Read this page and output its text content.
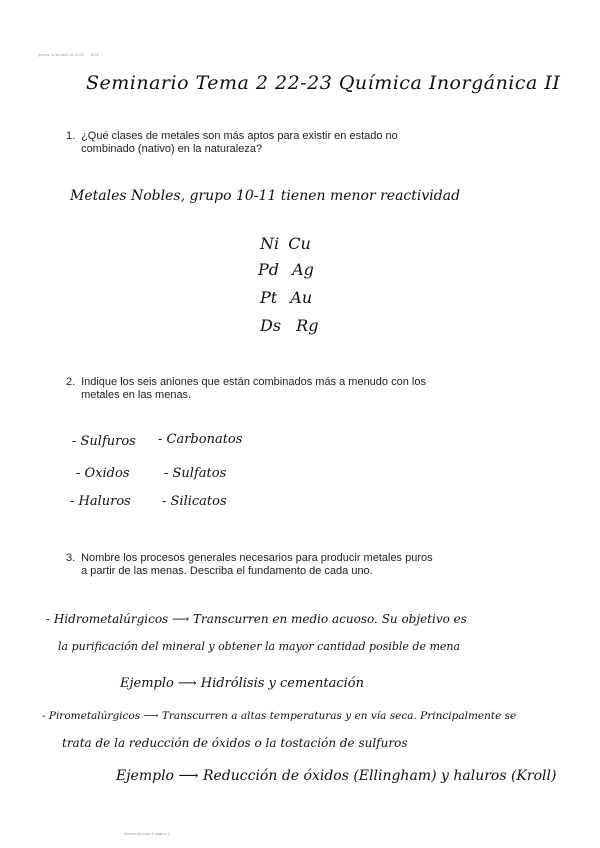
jueves, 6 de abril de 2023 8:28
Seminario Tema 2 22-23 Química Inorgánica II
1. ¿Qué clases de metales son más aptos para existir en estado no
combinado (nativo) en la naturaleza?
Metales Nobles, grupo 10-11 tienen menor reactividad
Ni Cu
Pd Ag
Pt Au
Ds Rg
2. Indique los seis aniones que están combinados más a menudo con los
metales en las menas.
- Sulfuros
- Oxidos
- Haluros
- Carbonatos
- Sulfatos
- Silicatos
3. Nombre los procesos generales necesarios para producir metales puros
a partir de las menas. Describa el fundamento de cada uno.
- Hidrometalúrgicos ⟶ Transcurren en medio acuoso. Su objetivo es
la purificación del mineral y obtener la mayor cantidad posible de mena
Ejemplo ⟶ Hidrólisis y cementación
- Pirometalúrgicos ⟶ Transcurren a altas temperaturas y en vía seca. Principalmente se
trata de la reducción de óxidos o la tostación de sulfuros
Ejemplo ⟶ Reducción de óxidos (Ellingham) y haluros (Kroll)
Nueva sección 4 página 1
